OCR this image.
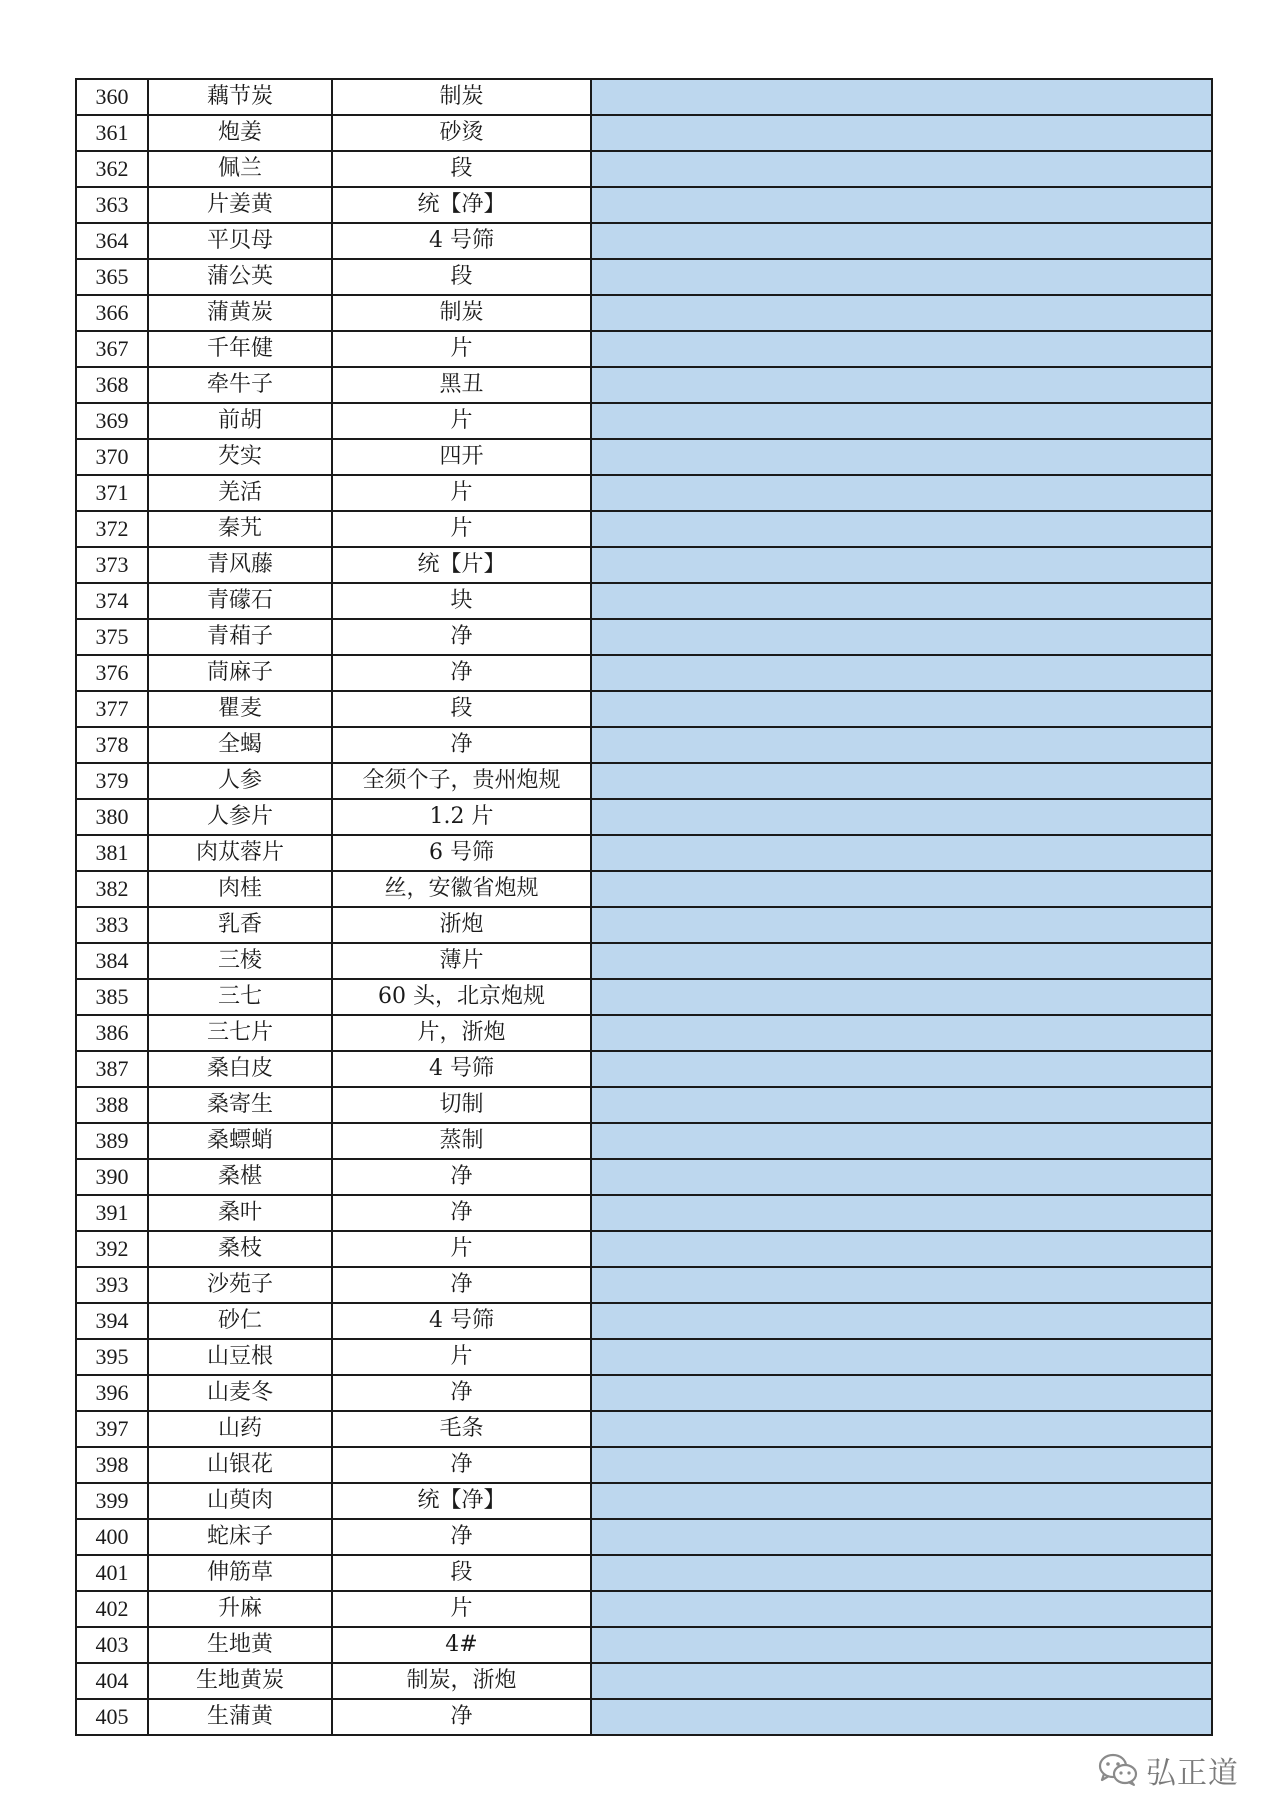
360	藕节炭	制炭	
361	炮姜	砂烫	
362	佩兰	段	
363	片姜黄	统【净】	
364	平贝母	4 号筛	
365	蒲公英	段	
366	蒲黄炭	制炭	
367	千年健	片	
368	牵牛子	黑丑	
369	前胡	片	
370	芡实	四开	
371	羌活	片	
372	秦艽	片	
373	青风藤	统【片】	
374	青礞石	块	
375	青葙子	净	
376	茼麻子	净	
377	瞿麦	段	
378	全蝎	净	
379	人参	全须个子，贵州炮规	
380	人参片	1.2 片	
381	肉苁蓉片	6 号筛	
382	肉桂	丝，安徽省炮规	
383	乳香	浙炮	
384	三棱	薄片	
385	三七	60 头，北京炮规	
386	三七片	片，浙炮	
387	桑白皮	4 号筛	
388	桑寄生	切制	
389	桑螵蛸	蒸制	
390	桑椹	净	
391	桑叶	净	
392	桑枝	片	
393	沙苑子	净	
394	砂仁	4 号筛	
395	山豆根	片	
396	山麦冬	净	
397	山药	毛条	
398	山银花	净	
399	山萸肉	统【净】	
400	蛇床子	净	
401	伸筋草	段	
402	升麻	片	
403	生地黄	4#	
404	生地黄炭	制炭，浙炮	
405	生蒲黄	净	
弘正道
